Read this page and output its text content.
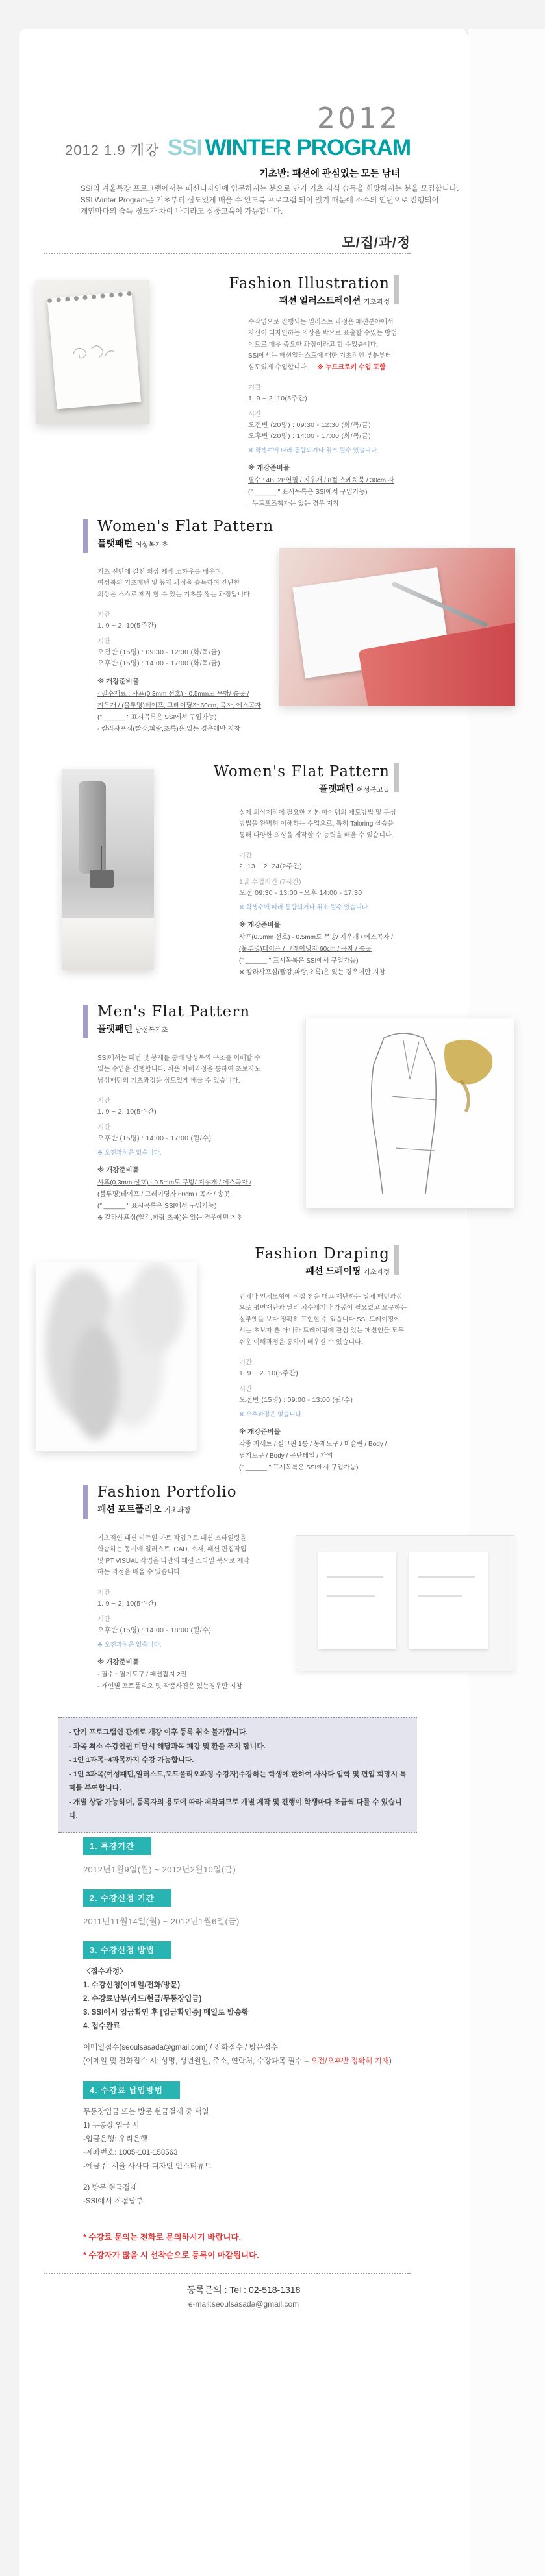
2012
2012 1.9 개강 SSI WINTER PROGRAM
기초반: 패션에 관심있는 모든 남녀
SSI의 겨울특강 프로그램에서는 패션디자인에 입문하시는 분으로 단기 기초 지식 습득을 희망하시는 분을 모집합니다.
SSI Winter Program은 기초부터 심도있게 배울 수 있도록 프로그램 되어 있기 때문에 소수의 인원으로 진행되어
개인마다의 습득 정도가 차이 나더라도 집중교육이 가능합니다.
모/집/과/정
Fashion Illustration
패션 일러스트레이션 기초과정
수작업으로 진행되는 일러스트 과정은 패션분야에서
자신이 디자인하는 의상을 밖으로 표출할 수있는 방법
이므로 매우 중요한 과정이라고 할 수있습니다.
SSI에서는 패션일러스트에 대한 기초적인 부분부터
심도있게 수업합니다. ※ 누드크로키 수업 포함
기간
1. 9 ~ 2. 10(5주간)
시간
오전반 (20명) : 09:30 - 12:30 (화/목/금)
오후반 (20명) : 14:00 - 17:00 (화/목/금)
※ 학생수에 따라 통합되거나 취소 될수 있습니다.
※ 개강준비물
필수 : 4B, 2B연필 / 지우개 / 8절 스케치북 / 30cm 자
(" ______ " 표시목록은 SSI에서 구입가능)
· 누드포즈책자는 있는 경우 지참
Women's Flat Pattern
플랫패턴 여성복기초
기초 전반에 걸친 의상 제작 노하우를 배우며,
여성복의 기초패턴 및 봉제 과정을 습득하여 간단한
의상은 스스로 제작 할 수 있는 기초를 쌓는 과정입니다.
기간
1. 9 ~ 2. 10(5주간)
시간
오전반 (15명) : 09:30 - 12:30 (화/목/금)
오후반 (15명) : 14:00 - 17:00 (화/목/금)
※ 개강준비물
- 필수재료 : 샤프(0.3mm 선호) - 0.5mm도 무방/ 송곳 /
지우개 / (불투명)테이프, 그레이딩자 60cm, 곡자, 에스곡자
(" ______ " 표시목록은 SSI에서 구입가능)
- 칼라샤프심(빨강,파랑,초록)은 있는 경우에만 지참
Women's Flat Pattern
플랫패턴 여성복고급
실제 의상제작에 필요한 기본 아이템의 제도방법 및 구성
방법을 완벽히 이해하는 수업으로, 특히 Taloring 실습을
통해 다양한 의상을 제작할 수 능력을 배울 수 있습니다.
기간
2. 13 ~ 2. 24(2주간)
1일 수업시간 (7시간)
오전 09:30 - 13:00 ~오후 14:00 - 17:30
※ 학생수에 따라 통합되거나 취소 될수 있습니다.
※ 개강준비물
샤프(0.3mm 선호) - 0.5mm도 무방/ 지우개 / 에스곡자 /
(불투명)테이프 / 그레이딩자 60cm / 곡자 / 송곳
(" ______ " 표시목록은 SSI에서 구입가능)
※ 칼라샤프심(빨강,파랑,초록)은 있는 경우에만 지참
Men's Flat Pattern
플랫패턴 남성복기초
SSI에서는 패턴 및 봉제를 통해 남성복의 구조를 이해할 수
있는 수업을 진행합니다. 쉬운 이해과정을 통하여 초보자도
남성패턴의 기초과정을 심도있게 배울 수 있습니다.
기간
1. 9 ~ 2. 10(5주간)
시간
오후반 (15명) : 14:00 - 17:00 (월/수)
※ 오전과정은 없습니다.
※ 개강준비물
샤프(0.3mm 선호) - 0.5mm도 무방/ 지우개 / 에스곡자 /
(불투명)테이프 / 그레이딩자 60cm / 곡자 / 송곳
(" ______ " 표시목록은 SSI에서 구입가능)
※ 칼라샤프심(빨강,파랑,초록)은 있는 경우에만 지참
Fashion Draping
패션 드레이핑 기초과정
인체나 인체모형에 직접 천을 대고 재단하는 입체 패턴과정
으로 평면재단과 달리 치수재기나 가봉이 필요없고 요구하는
실루엣을 보다 정확히 표현할 수 있습니다.SSI 드레이핑에
서는 초보자 뿐 아니라 드레이핑에 관심 있는 패션인들 모두
쉬운 이해과정을 통하여 배우실 수 있습니다.
기간
1. 9 ~ 2. 10(5주간)
시간
오전반 (15명) : 09:00 - 13:00 (월/수)
※ 오후과정은 없습니다.
※ 개강준비물
각종 자세트 / 실크핀 1통 / 봉제도구 / 머슬린 / Body /
필기도구 / Body / 공단테일 / 가위
(" ______ " 표시목록은 SSI에서 구입가능)
Fashion Portfolio
패션 포트폴리오 기초과정
기초적인 패션 비쥬얼 아트 작업으로 패션 스타일링을
학습하는 동시에 일러스트, CAD, 소재, 패션 편집작업
및 PT VISUAL 작업을 나만의 패션 스타일 북으로 제작
하는 과정을 배울 수 있습니다.
기간
1. 9 ~ 2. 10(5주간)
시간
오후반 (15명) : 14:00 - 18:00 (월/수)
※ 오전과정은 없습니다.
※ 개강준비물
- 필수 : 필기도구 / 패션잡지 2권
- 개인별 포트폴리오 및 작품사진은 있는경우만 지참
- 단기 프로그램인 관계로 개강 이후 등록 취소 불가합니다.
- 과목 최소 수강인원 미달시 해당과목 폐강 및 환불 조치 합니다.
- 1인 1과목~4과목까지 수강 가능합니다.
- 1인 3과목(여성패턴,일러스트,포트폴리오과정 수강자)수강하는 학생에 한하여 사사다 입학 및 편입 희망시 특혜를 부여합니다.
- 개별 상담 가능하며, 등록자의 용도에 따라 제작되므로 개별 제작 및 진행이 학생마다 조금씩 다를 수 있습니다.
1. 특강기간
2012년1월9일(월) ~ 2012년2월10일(금)
2. 수강신청 기간
2011년11월14일(월) ~ 2012년1월6일(금)
3. 수강신청 방법
〈접수과정〉
1. 수강신청(이메일/전화/방문)
2. 수강료납부(카드/현금/무통장입금)
3. SSI에서 입금확인 후 [입금확인증] 메일로 발송함
4. 접수완료
이메일접수(seoulsasada@gmail.com) / 전화접수 / 방문접수
(이메일 및 전화접수 시: 성명, 생년월일, 주소, 연락처, 수강과목 필수 – 오전/오후반 정확히 기재)
4. 수강료 납입방법
무통장입금 또는 방문 현금결제 중 택일
1) 무통장 입금 시
-입금은행: 우리은행
-계좌번호: 1005-101-158563
-예금주: 서울 사사다 디자인 인스티튜트
2) 방문 현금결제
-SSI에서 직접납부
* 수강료 문의는 전화로 문의하시기 바랍니다.
* 수강자가 많을 시 선착순으로 등록이 마감됩니다.
등록문의 : Tel : 02-518-1318
e-mail:seoulsasada@gmail.com
